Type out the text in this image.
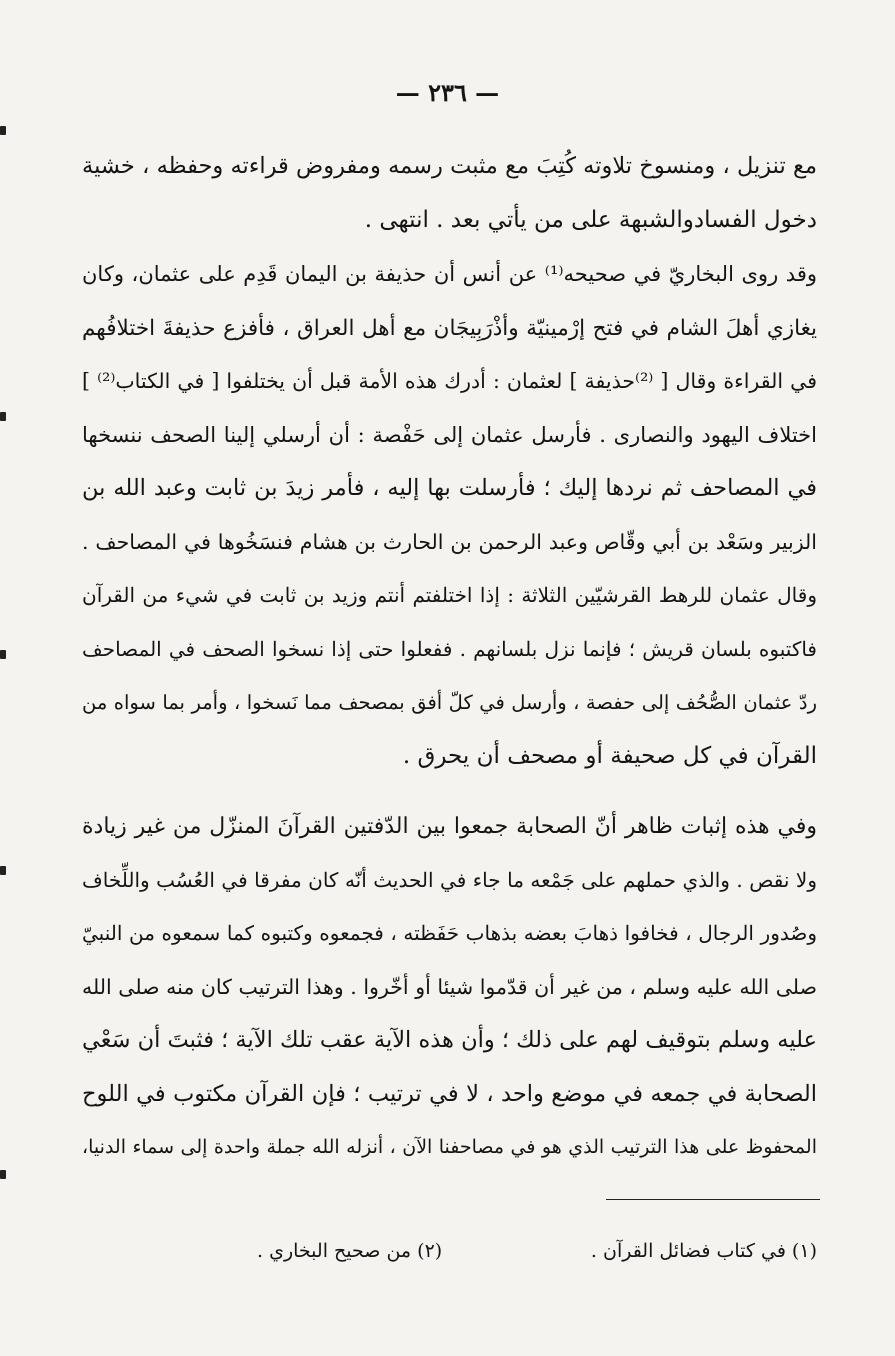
— ٢٣٦ —
مع تنزيل ، ومنسوخ تلاوته كُتِبَ مع مثبت رسمه ومفروض قراءته وحفظه ، خشية
دخول الفسادوالشبهة على من يأتي بعد . انتهى .
وقد روى البخاريّ في صحيحه⁽¹⁾ عن أنس أن حذيفة بن اليمان قَدِم على عثمان، وكان
يغازي أهلَ الشام في فتح إرْمينيّة وأذْرَبِيجَان مع أهل العراق ، فأفزع حذيفةَ اختلافُهم
في القراءة وقال [ ⁽²⁾حذيفة ] لعثمان : أدرك هذه الأمة قبل أن يختلفوا [ في الكتاب⁽²⁾ ]
اختلاف اليهود والنصارى . فأرسل عثمان إلى حَفْصة : أن أرسلي إلينا الصحف ننسخها
في المصاحف ثم نردها إليك ؛ فأرسلت بها إليه ، فأمر زيدَ بن ثابت وعبد الله بن
الزبير وسَعْد بن أبي وقّاص وعبد الرحمن بن الحارث بن هشام فنسَخُوها في المصاحف .
وقال عثمان للرهط القرشيّين الثلاثة : إذا اختلفتم أنتم وزيد بن ثابت في شيء من القرآن
فاكتبوه بلسان قريش ؛ فإنما نزل بلسانهم . ففعلوا حتى إذا نسخوا الصحف في المصاحف
ردّ عثمان الصُّحُف إلى حفصة ، وأرسل في كلّ أفق بمصحف مما نَسخوا ، وأمر بما سواه من
القرآن في كل صحيفة أو مصحف أن يحرق .
وفي هذه إثبات ظاهر أنّ الصحابة جمعوا بين الدّفتين القرآنَ المنزّل من غير زيادة
ولا نقص . والذي حملهم على جَمْعه ما جاء في الحديث أنّه كان مفرقا في العُسُب واللِّخاف
وصُدور الرجال ، فخافوا ذهابَ بعضه بذهاب حَفَظته ، فجمعوه وكتبوه كما سمعوه من النبيّ
صلى الله عليه وسلم ، من غير أن قدّموا شيئا أو أخّروا . وهذا الترتيب كان منه صلى الله
عليه وسلم بتوقيف لهم على ذلك ؛ وأن هذه الآية عقب تلك الآية ؛ فثبتَ أن سَعْي
الصحابة في جمعه في موضع واحد ، لا في ترتيب ؛ فإن القرآن مكتوب في اللوح
المحفوظ على هذا الترتيب الذي هو في مصاحفنا الآن ، أنزله الله جملة واحدة إلى سماء الدنيا،
(١) في كتاب فضائل القرآن .
(٢) من صحيح البخاري .
